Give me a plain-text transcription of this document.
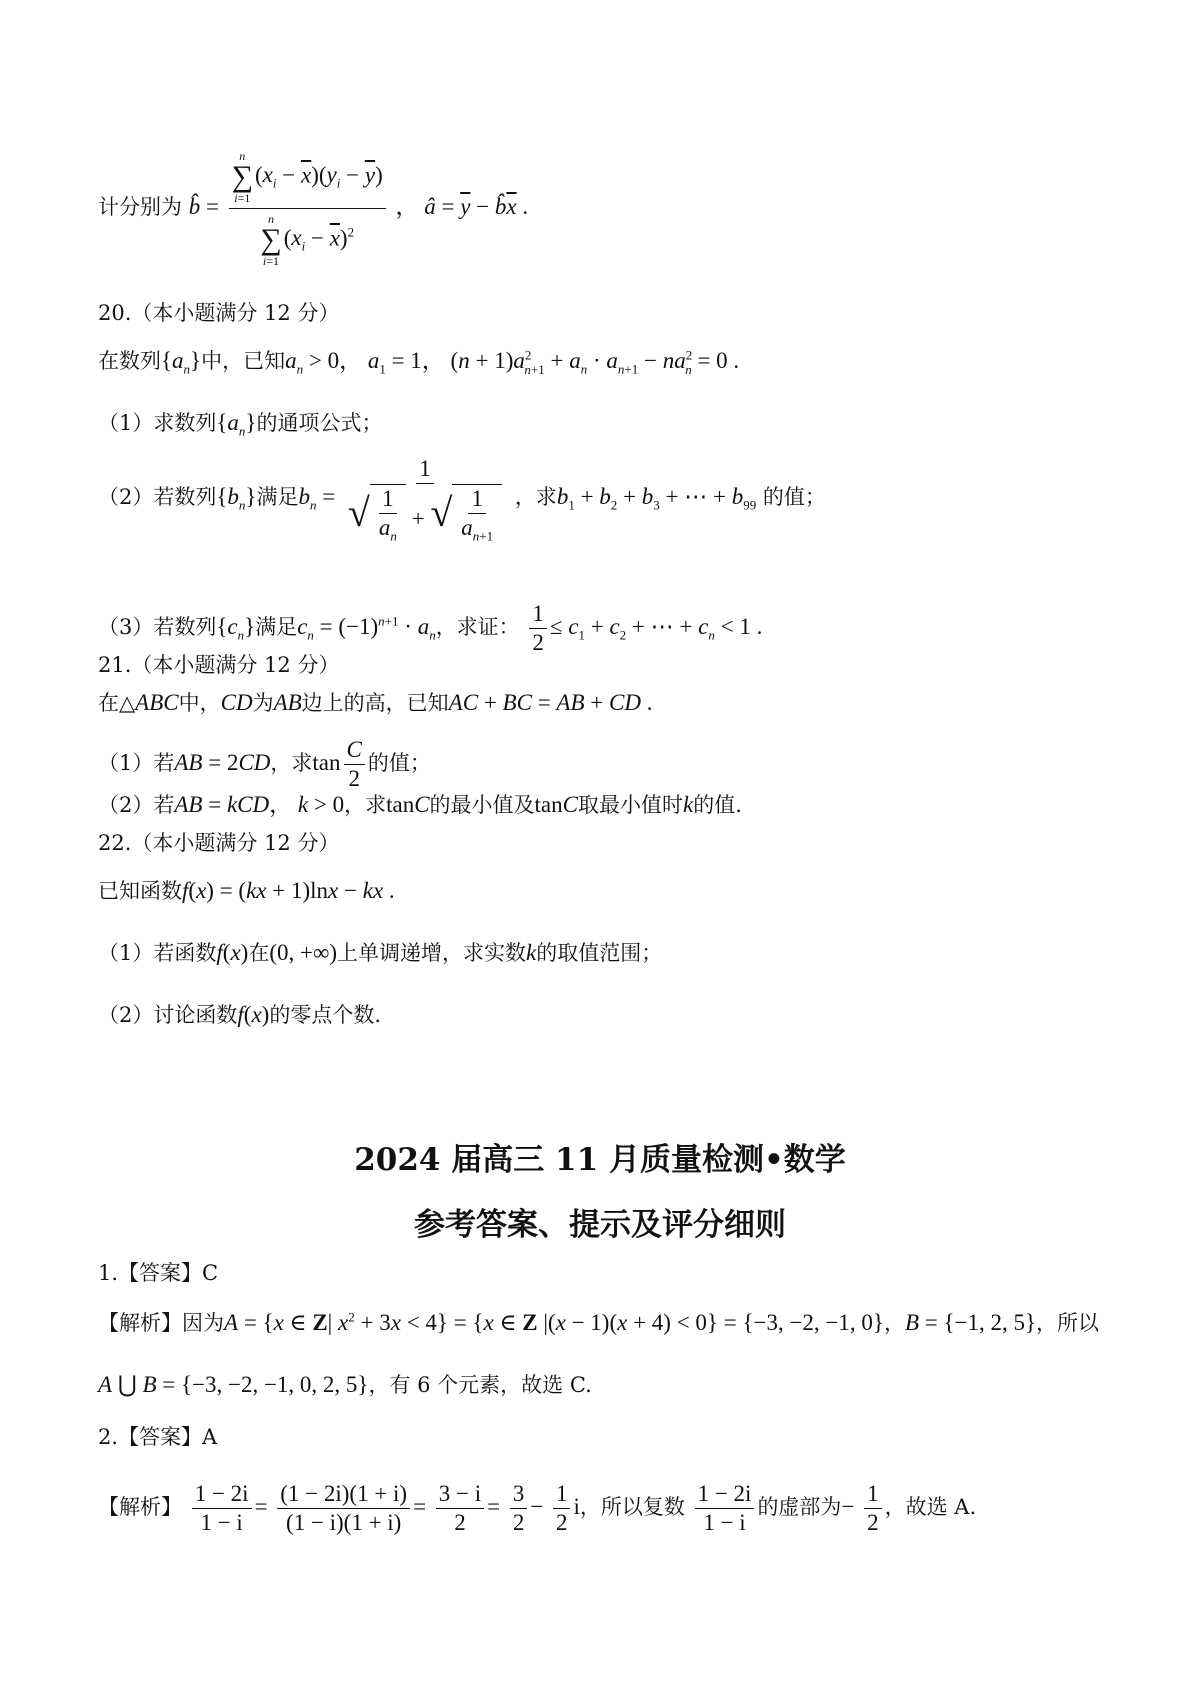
计分别为 b̂ = n
∑
i=1
$(x_i - \overline{x})(y_i - \overline{y})$
n
∑
i=1
$(x_i - \overline{x})^2$ ， â = $\overline{y}$ − $b̂\overline{x}$ .
20.（本小题满分 12 分）
在数列$\{a_n\}$中，已知$a_n > 0$， $a_1 = 1$， $(n + 1)a^2_{n+1} + a_n \cdot a_{n+1} - na^2_n = 0$ .
（1）求数列$\{a_n\}$的通项公式；
（2）若数列$\{b_n\}$满足$b_n = \frac{1}{√ \frac{1}{a_n} + √ \frac{1}{a_{n+1}}}$ ，求$b_1 + b_2 + b_3$ + ⋯ + $b_{99}$ 的值；
（3）若数列$\{c_n\}$满足$c_n = (-1)^{n+1} \cdot a_n$，求证： $\frac{1}{2} \le c_1 + c_2$ + ⋯ + $c_n < 1$ .
21.（本小题满分 12 分）
在△ABC中，CD为AB边上的高，已知AC + BC = AB + CD .
（1）若AB = 2CD，求$\tan \frac{C}{2}$ 的值；
（2）若AB = kCD， k > 0，求tanC的最小值及tanC取最小值时k的值.
22.（本小题满分 12 分）
已知函数f(x) = (kx + 1)lnx − kx .
（1）若函数f(x)在(0, +∞)上单调递增，求实数k的取值范围；
（2）讨论函数f(x)的零点个数.
2024 届高三 11 月质量检测•数学
参考答案、提示及评分细则
1.【答案】C
【解析】因为A = {x ∈ Z| $x^2 + 3x < 4\} = \{x$ ∈ Z |(x − 1)(x + 4) < 0} = {−3, −2, −1, 0}，B = {−1, 2, 5}，所以
A ⋃ B = {−3, −2, −1, 0, 2, 5}，有 6 个元素，故选 C.
2.【答案】A
【解析】 $\frac{1 - 2i}{1 - i} = \frac{(1 - 2i)(1 + i)}{(1 - i)(1 + i)} = \frac{3 - i}{2} = \frac{3}{2} - \frac{1}{2}$ i，所以复数 $\frac{1 - 2i}{1 - i}$ 的虚部为− $\frac{1}{2}$ ，故选 A.
